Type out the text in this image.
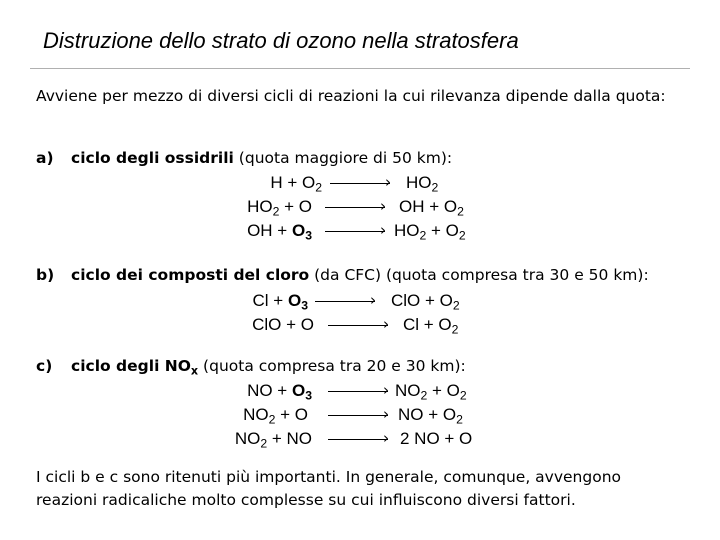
Distruzione dello strato di ozono nella stratosfera
Avviene per mezzo di diversi cicli di reazioni la cui rilevanza dipende dalla quota:
a) ciclo degli ossidrili (quota maggiore di 50 km):
$H + O_2$	› $HO_2$
$HO_2 + O$	› OH + $O_2$
OH + $O_3$	› $HO_2 + O_2$
b) ciclo dei composti del cloro (da CFC) (quota compresa tra 30 e 50 km):
$Cl + O_3$	› ClO + $O_2$
ClO + O	› $Cl + O_2$
c) ciclo degli $NO_x$ (quota compresa tra 20 e 30 km):
NO + $O_3$	› $NO_2 + O_2$
$NO_2 + O$	› NO + $O_2$
$NO_2$ + NO	› 2 NO + O
I cicli b e c sono ritenuti più importanti. In generale, comunque, avvengono reazioni radicaliche molto complesse su cui influiscono diversi fattori.
